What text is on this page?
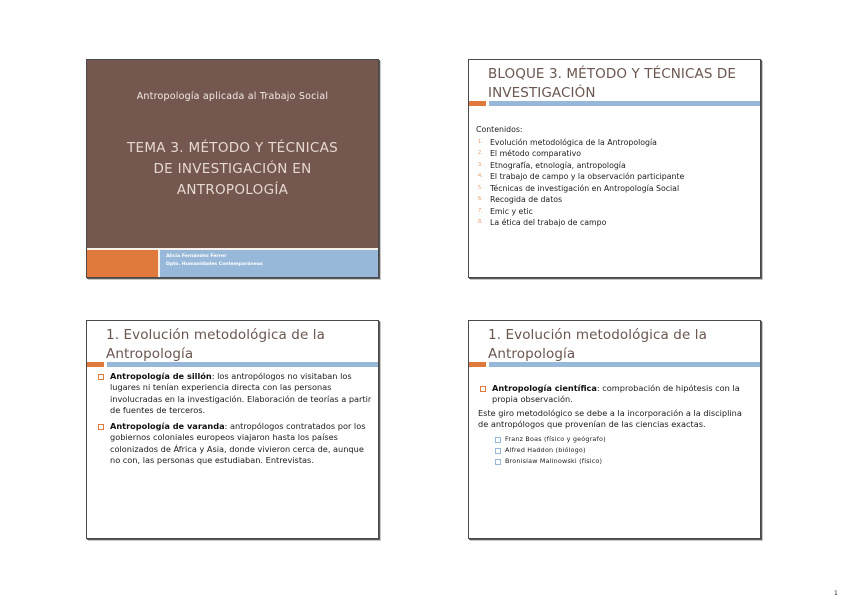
Antropología aplicada al Trabajo Social
TEMA 3. MÉTODO Y TÉCNICAS
DE INVESTIGACIÓN EN
ANTROPOLOGÍA
Alicia Fernández Ferrer
Dpto. Humanidades Contemporáneas
BLOQUE 3. MÉTODO Y TÉCNICAS DE
INVESTIGACIÓN
Contenidos:
1. Evolución metodológica de la Antropología
2. El método comparativo
3. Etnografía, etnología, antropología
4. El trabajo de campo y la observación participante
5. Técnicas de investigación en Antropología Social
6. Recogida de datos
7. Emic y etic
8. La ética del trabajo de campo
1. Evolución metodológica de la
Antropología
Antropología de sillón: los antropólogos no visitaban los lugares ni tenían experiencia directa con las personas involucradas en la investigación. Elaboración de teorías a partir de fuentes de terceros.
Antropología de varanda: antropólogos contratados por los gobiernos coloniales europeos viajaron hasta los países colonizados de África y Asia, donde vivieron cerca de, aunque no con, las personas que estudiaban. Entrevistas.
1. Evolución metodológica de la
Antropología
Antropología científica: comprobación de hipótesis con la propia observación.
Este giro metodológico se debe a la incorporación a la disciplina de antropólogos que provenían de las ciencias exactas.
Franz Boas (físico y geógrafo)
Alfred Haddon (biólogo)
Bronislaw Malinowski (físico)
1
